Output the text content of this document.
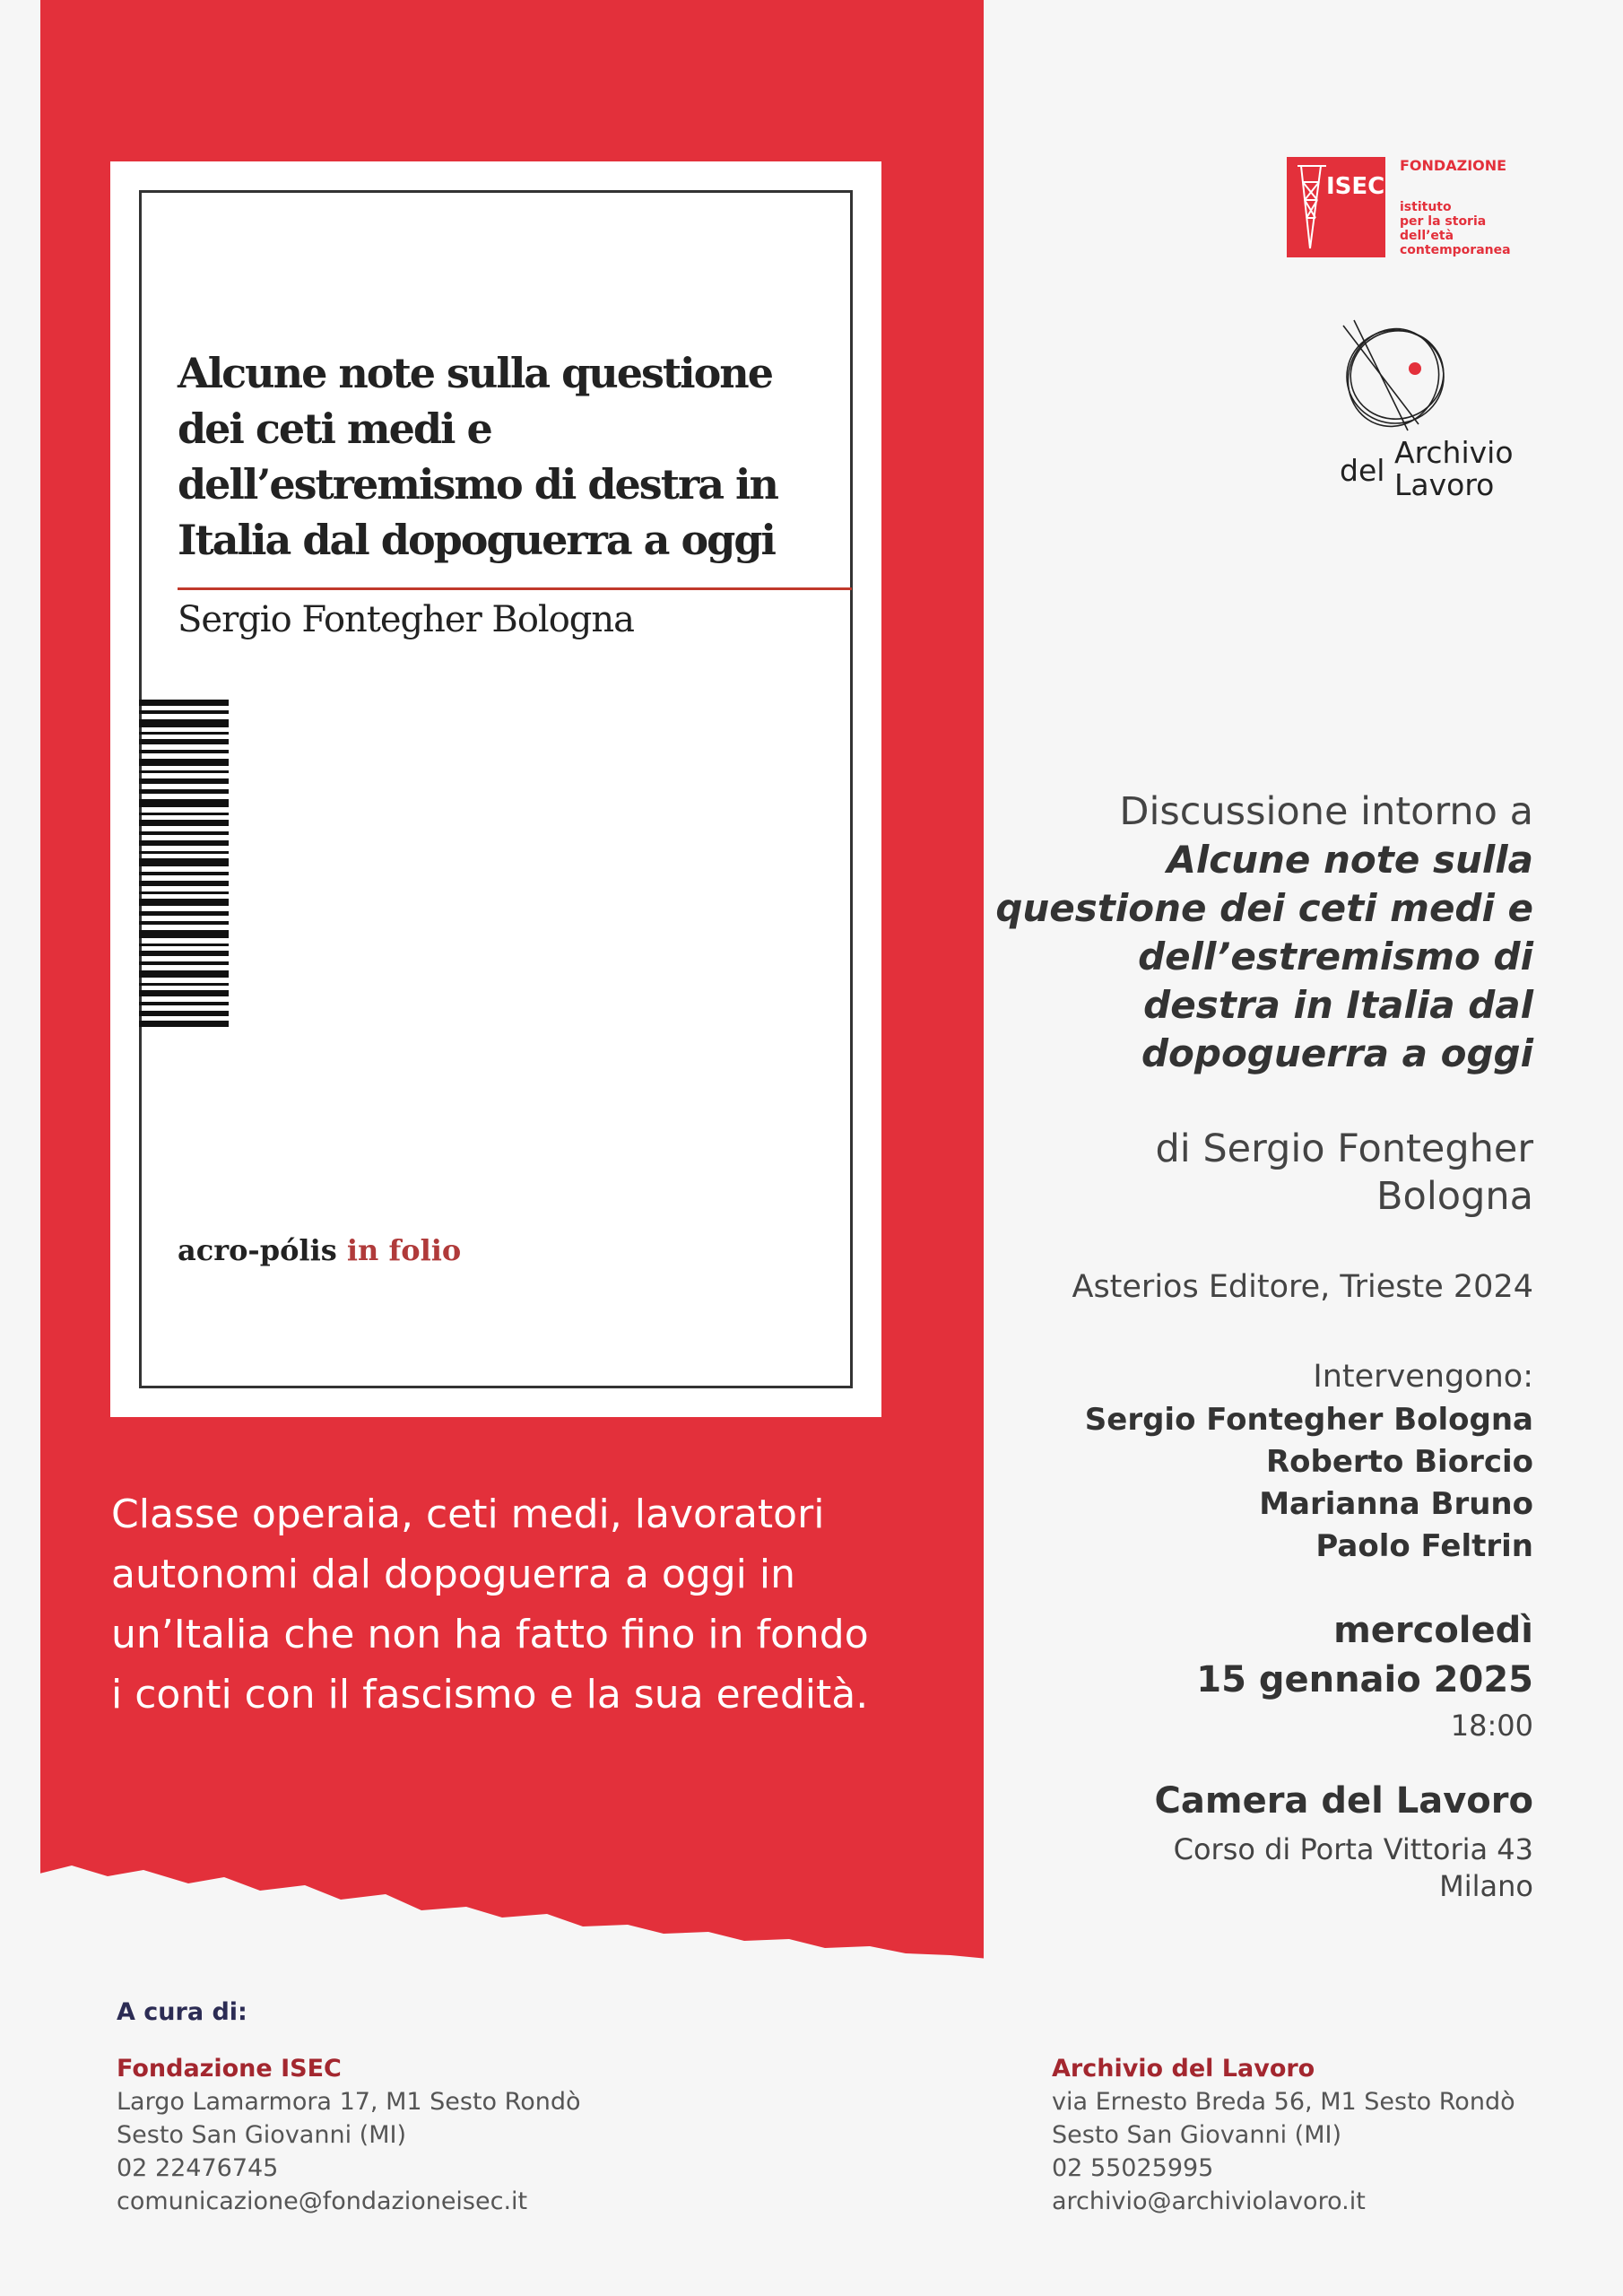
Alcune note sulla questione dei ceti medi e dell’estremismo di destra in Italia dal dopoguerra a oggi
Sergio Fontegher Bologna
acro-pólis in folio
Classe operaia, ceti medi, lavoratori autonomi dal dopoguerra a oggi in un’Italia che non ha fatto fino in fondo i conti con il fascismo e la sua eredità.
ISEC
FONDAZIONE
istituto
per la storia
dell’età
contemporanea
Archivio
del Lavoro
Discussione intorno a
Alcune note sulla questione dei ceti medi e dell’estremismo di destra in Italia dal dopoguerra a oggi
di Sergio Fontegher Bologna
Asterios Editore, Trieste 2024
Intervengono:
Sergio Fontegher Bologna
Roberto Biorcio
Marianna Bruno
Paolo Feltrin
mercoledì
15 gennaio 2025
18:00
Camera del Lavoro
Corso di Porta Vittoria 43
Milano
A cura di:
Fondazione ISEC
Largo Lamarmora 17, M1 Sesto Rondò
Sesto San Giovanni (MI)
02 22476745
comunicazione@fondazioneisec.it
Archivio del Lavoro
via Ernesto Breda 56, M1 Sesto Rondò
Sesto San Giovanni (MI)
02 55025995
archivio@archiviolavoro.it
